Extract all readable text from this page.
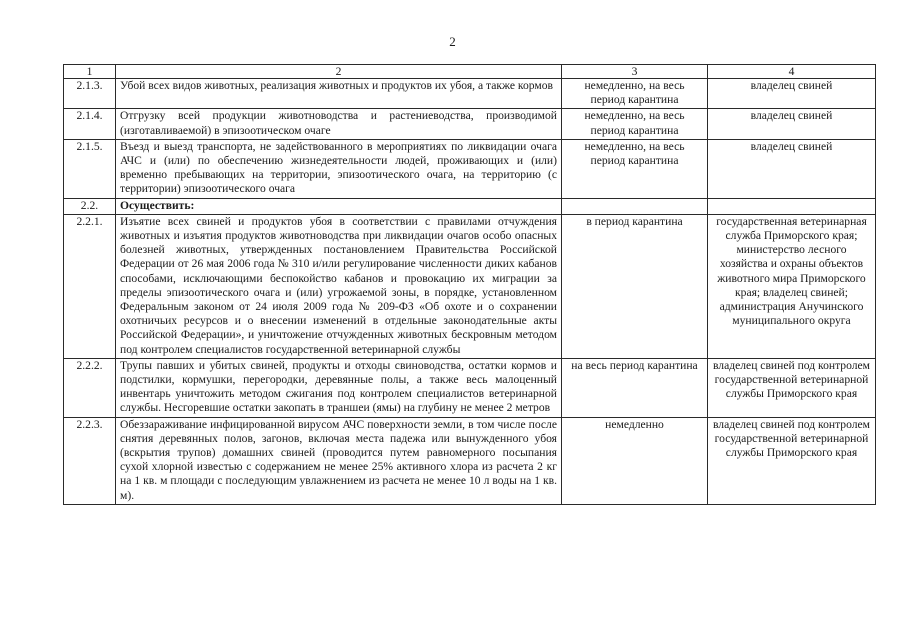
2
1	2	3	4
2.1.3.	Убой всех видов животных, реализация животных и продуктов их убоя, а также кормов	немедленно, на весь период карантина	владелец свиней
2.1.4.	Отгрузку всей продукции животноводства и растениеводства, производимой (изготавливаемой) в эпизоотическом очаге	немедленно, на весь период карантина	владелец свиней
2.1.5.	Въезд и выезд транспорта, не задействованного в мероприятиях по ликвидации очага АЧС и (или) по обеспечению жизнедеятельности людей, проживающих и (или) временно пребывающих на территории, эпизоотического очага, на территорию (с территории) эпизоотического очага	немедленно, на весь период карантина	владелец свиней
2.2.	Осуществить:		
2.2.1.	Изъятие всех свиней и продуктов убоя в соответствии с правилами отчуждения животных и изъятия продуктов животноводства при ликвидации очагов особо опасных болезней животных, утвержденных постановлением Правительства Российской Федерации от 26 мая 2006 года № 310 и/или регулирование численности диких кабанов способами, исключающими беспокойство кабанов и провокацию их миграции за пределы эпизоотического очага и (или) угрожаемой зоны, в порядке, установленном Федеральным законом от 24 июля 2009 года № 209-ФЗ «Об охоте и о сохранении охотничьих ресурсов и о внесении изменений в отдельные законодательные акты Российской Федерации», и уничтожение отчужденных животных бескровным методом под контролем специалистов государственной ветеринарной службы	в период карантина	государственная ветеринарная служба Приморского края; министерство лесного хозяйства и охраны объектов животного мира Приморского края; владелец свиней; администрация Анучинского муниципального округа
2.2.2.	Трупы павших и убитых свиней, продукты и отходы свиноводства, остатки кормов и подстилки, кормушки, перегородки, деревянные полы, а также весь малоценный инвентарь уничтожить методом сжигания под контролем специалистов ветеринарной службы. Несгоревшие остатки закопать в траншеи (ямы) на глубину не менее 2 метров	на весь период карантина	владелец свиней под контролем государственной ветеринарной службы Приморского края
2.2.3.	Обеззараживание инфицированной вирусом АЧС поверхности земли, в том числе после снятия деревянных полов, загонов, включая места падежа или вынужденного убоя (вскрытия трупов) домашних свиней (проводится путем равномерного посыпания сухой хлорной известью с содержанием не менее 25% активного хлора из расчета 2 кг на 1 кв. м площади с последующим увлажнением из расчета не менее 10 л воды на 1 кв. м).	немедленно	владелец свиней под контролем государственной ветеринарной службы Приморского края
